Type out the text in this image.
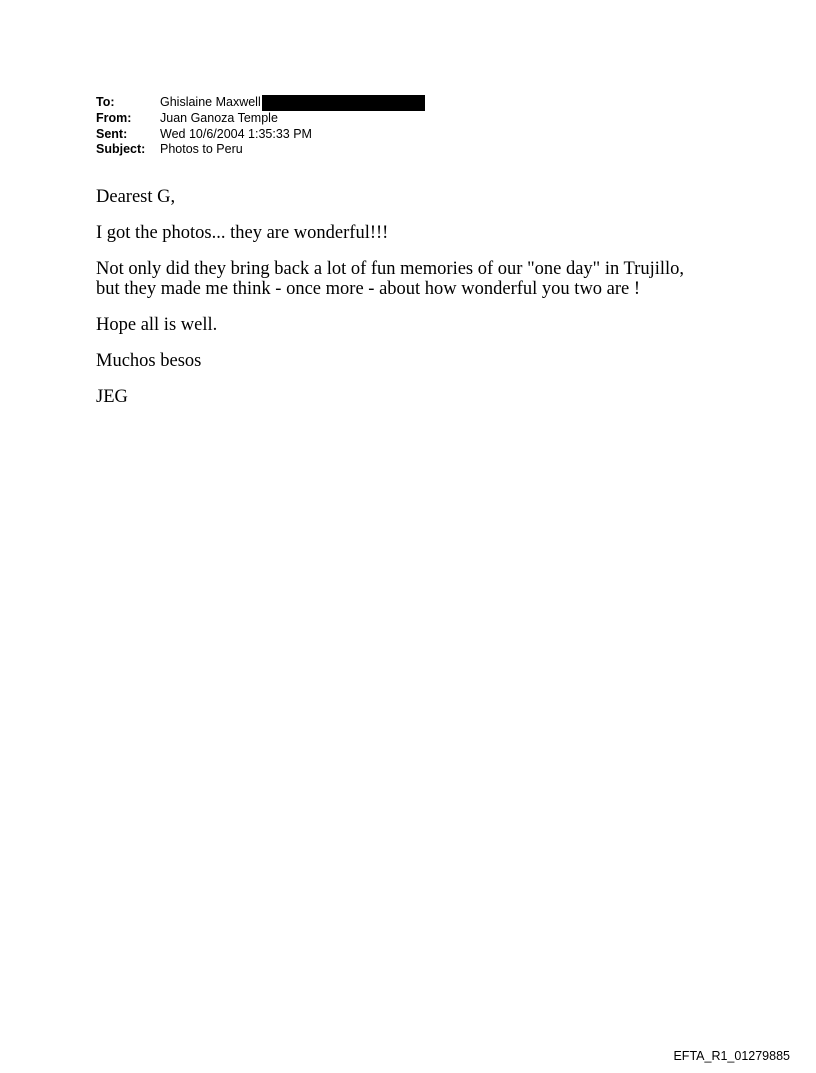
To:	Ghislaine Maxwell
From:	Juan Ganoza Temple
Sent:	Wed 10/6/2004 1:35:33 PM
Subject:	Photos to Peru

Dearest G,

I got the photos... they are wonderful!!!

Not only did they bring back a lot of fun memories of our "one day" in Trujillo,
but they made me think - once more - about how wonderful you two are !

Hope all is well.

Muchos besos

JEG

EFTA_R1_01279885
